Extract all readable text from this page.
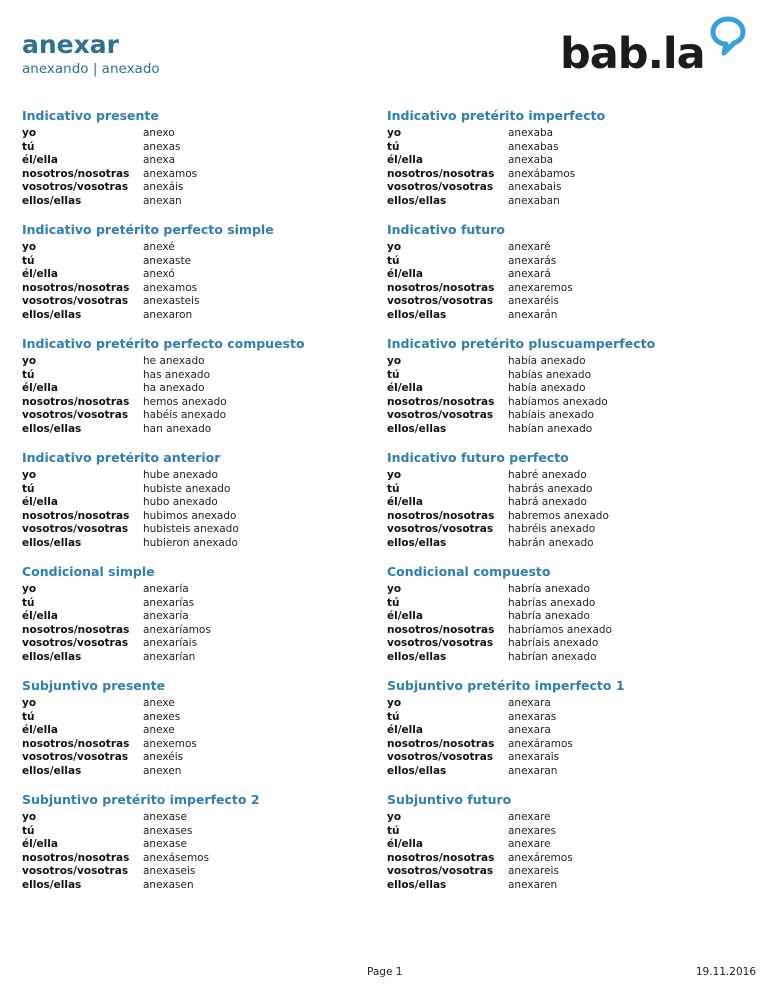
anexar
anexando | anexado	bab.la
Indicativo presente
yo	anexo
tú	anexas
él/ella	anexa
nosotros/nosotras	anexamos
vosotros/vosotras	anexáis
ellos/ellas	anexan
Indicativo pretérito imperfecto
yo	anexaba
tú	anexabas
él/ella	anexaba
nosotros/nosotras	anexábamos
vosotros/vosotras	anexabais
ellos/ellas	anexaban
Indicativo pretérito perfecto simple
yo	anexé
tú	anexaste
él/ella	anexó
nosotros/nosotras	anexamos
vosotros/vosotras	anexasteis
ellos/ellas	anexaron
Indicativo futuro
yo	anexaré
tú	anexarás
él/ella	anexará
nosotros/nosotras	anexaremos
vosotros/vosotras	anexaréis
ellos/ellas	anexarán
Indicativo pretérito perfecto compuesto
yo	he anexado
tú	has anexado
él/ella	ha anexado
nosotros/nosotras	hemos anexado
vosotros/vosotras	habéis anexado
ellos/ellas	han anexado
Indicativo pretérito pluscuamperfecto
yo	había anexado
tú	habías anexado
él/ella	había anexado
nosotros/nosotras	habíamos anexado
vosotros/vosotras	habíais anexado
ellos/ellas	habían anexado
Indicativo pretérito anterior
yo	hube anexado
tú	hubiste anexado
él/ella	hubo anexado
nosotros/nosotras	hubimos anexado
vosotros/vosotras	hubisteis anexado
ellos/ellas	hubieron anexado
Indicativo futuro perfecto
yo	habré anexado
tú	habrás anexado
él/ella	habrá anexado
nosotros/nosotras	habremos anexado
vosotros/vosotras	habréis anexado
ellos/ellas	habrán anexado
Condicional simple
yo	anexaría
tú	anexarías
él/ella	anexaría
nosotros/nosotras	anexaríamos
vosotros/vosotras	anexaríais
ellos/ellas	anexarían
Condicional compuesto
yo	habría anexado
tú	habrías anexado
él/ella	habría anexado
nosotros/nosotras	habríamos anexado
vosotros/vosotras	habríais anexado
ellos/ellas	habrían anexado
Subjuntivo presente
yo	anexe
tú	anexes
él/ella	anexe
nosotros/nosotras	anexemos
vosotros/vosotras	anexéis
ellos/ellas	anexen
Subjuntivo pretérito imperfecto 1
yo	anexara
tú	anexaras
él/ella	anexara
nosotros/nosotras	anexáramos
vosotros/vosotras	anexarais
ellos/ellas	anexaran
Subjuntivo pretérito imperfecto 2
yo	anexase
tú	anexases
él/ella	anexase
nosotros/nosotras	anexásemos
vosotros/vosotras	anexaseis
ellos/ellas	anexasen
Subjuntivo futuro
yo	anexare
tú	anexares
él/ella	anexare
nosotros/nosotras	anexáremos
vosotros/vosotras	anexareis
ellos/ellas	anexaren
Page 1	19.11.2016
